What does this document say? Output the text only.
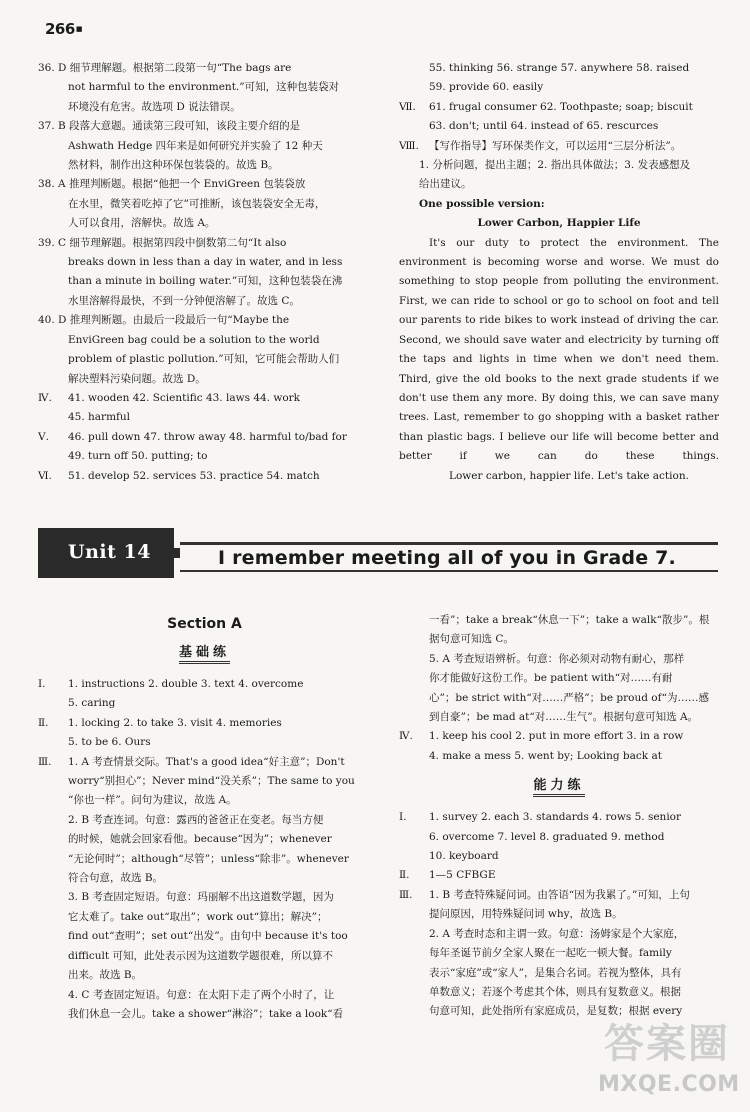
266■
36. D 细节理解题。根据第二段第一句“The bags are
not harmful to the environment.”可知，这种包装袋对
环境没有危害。故选项 D 说法错误。
37. B 段落大意题。通读第三段可知，该段主要介绍的是
Ashwath Hedge 四年来是如何研究并实验了 12 种天
然材料，制作出这种环保包装袋的。故选 B。
38. A 推理判断题。根据“他把一个 EnviGreen 包装袋放
在水里，微笑着吃掉了它”可推断，该包装袋安全无毒，
人可以食用，溶解快。故选 A。
39. C 细节理解题。根据第四段中倒数第二句“It also
breaks down in less than a day in water, and in less
than a minute in boiling water.”可知，这种包装袋在沸
水里溶解得最快，不到一分钟便溶解了。故选 C。
40. D 推理判断题。由最后一段最后一句“Maybe the
EnviGreen bag could be a solution to the world
problem of plastic pollution.”可知，它可能会帮助人们
解决塑料污染问题。故选 D。
Ⅳ. 41. wooden 42. Scientific 43. laws 44. work
45. harmful
Ⅴ. 46. pull down 47. throw away 48. harmful to/bad for
49. turn off 50. putting; to
Ⅵ. 51. develop 52. services 53. practice 54. match
55. thinking 56. strange 57. anywhere 58. raised
59. provide 60. easily
Ⅶ. 61. frugal consumer 62. Toothpaste; soap; biscuit
63. don't; until 64. instead of 65. rescurces
Ⅷ. 【写作指导】写环保类作文，可以运用“三层分析法”。
1. 分析问题，提出主题；2. 指出具体做法；3. 发表感想及
给出建议。
One possible version:
Lower Carbon, Happier Life
It's our duty to protect the environment. The
environment is becoming worse and worse. We must do
something to stop people from polluting the environment.
First, we can ride to school or go to school on foot and tell
our parents to ride bikes to work instead of driving the car.
Second, we should save water and electricity by turning off
the taps and lights in time when we don't need them.
Third, give the old books to the next grade students if we
don't use them any more. By doing this, we can save many
trees. Last, remember to go shopping with a basket rather
than plastic bags. I believe our life will become better and
better if we can do these things.
Lower carbon, happier life. Let's take action.
Unit 14	I remember meeting all of you in Grade 7.
Section A
基础练
Ⅰ. 1. instructions 2. double 3. text 4. overcome
5. caring
Ⅱ. 1. locking 2. to take 3. visit 4. memories
5. to be 6. Ours
Ⅲ. 1. A 考查情景交际。That's a good idea“好主意”；Don't
worry“别担心”；Never mind“没关系”；The same to you
“你也一样”。问句为建议，故选 A。
2. B 考查连词。句意：露西的爸爸正在变老。每当方便
的时候，她就会回家看他。because“因为”；whenever
“无论何时”；although“尽管”；unless“除非”。whenever
符合句意，故选 B。
3. B 考查固定短语。句意：玛丽解不出这道数学题，因为
它太难了。take out“取出”；work out“算出；解决”；
find out“查明”；set out“出发”。由句中 because it's too
difficult 可知，此处表示因为这道数学题很难，所以算不
出来。故选 B。
4. C 考查固定短语。句意：在太阳下走了两个小时了，让
我们休息一会儿。take a shower“淋浴”；take a look“看
一看”；take a break“休息一下”；take a walk“散步”。根
据句意可知选 C。
5. A 考查短语辨析。句意：你必须对动物有耐心，那样
你才能做好这份工作。be patient with“对……有耐
心”；be strict with“对……严格”；be proud of“为……感
到自豪”；be mad at“对……生气”。根据句意可知选 A。
Ⅳ. 1. keep his cool 2. put in more effort 3. in a row
4. make a mess 5. went by; Looking back at
能力练
Ⅰ. 1. survey 2. each 3. standards 4. rows 5. senior
6. overcome 7. level 8. graduated 9. method
10. keyboard
Ⅱ. 1—5 CFBGE
Ⅲ. 1. B 考查特殊疑问词。由答语“因为我累了。”可知，上句
提问原因，用特殊疑问词 why，故选 B。
2. A 考查时态和主谓一致。句意：汤姆家是个大家庭，
每年圣诞节前夕全家人聚在一起吃一顿大餐。family
表示“家庭”或“家人”，是集合名词。若视为整体，具有
单数意义；若逐个考虑其个体，则具有复数意义。根据
句意可知，此处指所有家庭成员，是复数；根据 every
答案圈
MXQE.COM
